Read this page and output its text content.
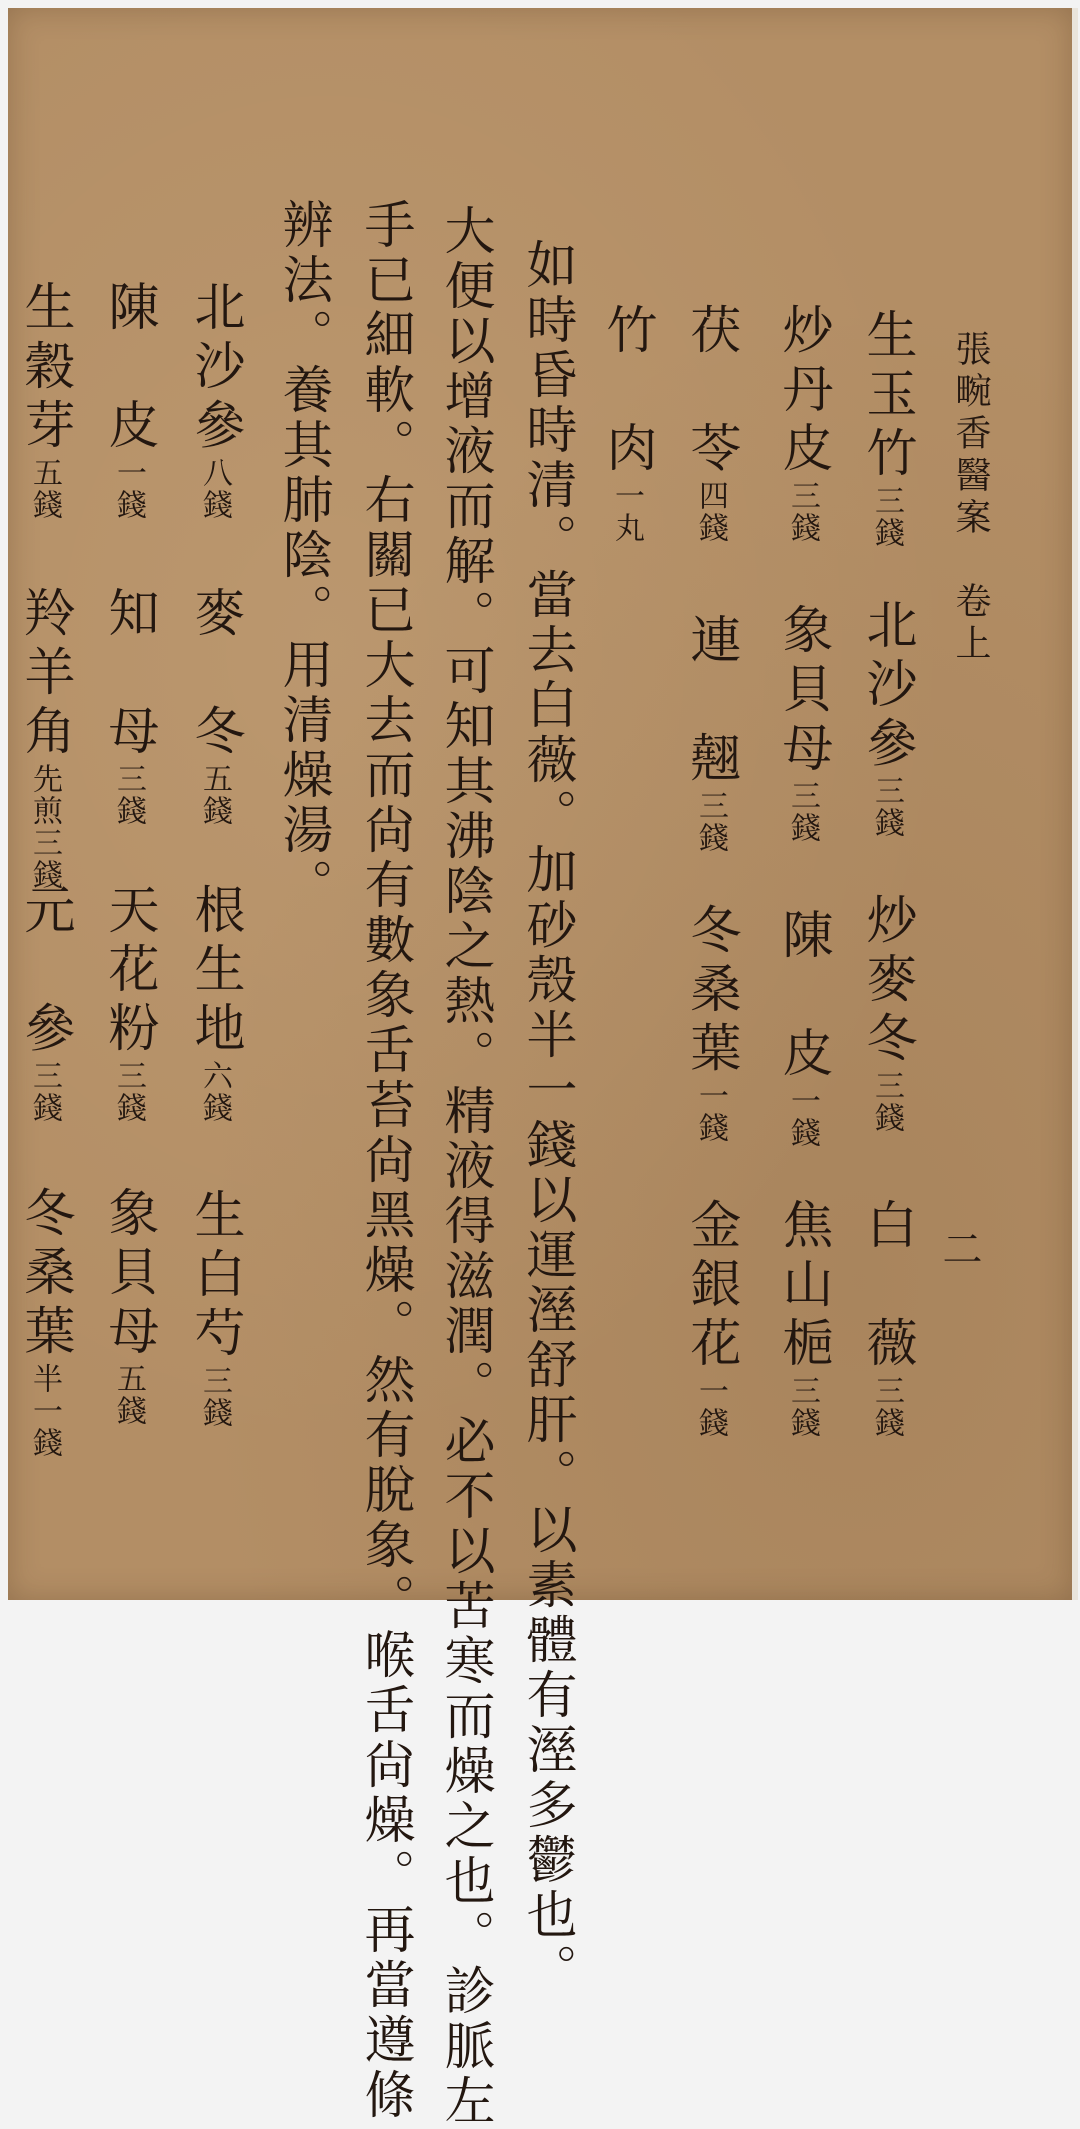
張畹香醫案　卷上
二
生玉竹三錢
北沙參三錢
炒麥冬三錢
白　薇三錢
炒丹皮三錢
象貝母三錢
陳　皮一錢
焦山梔三錢
茯　苓四錢
連　翹三錢
冬桑葉一錢
金銀花一錢
竹　肉一丸
如時昏時清。當去白薇。加砂殼半一錢以運溼舒肝。以素體有溼多鬱也。
大便以增液而解。可知其沸陰之熱。精液得滋潤。必不以苦寒而燥之也。診脈左
手已細軟。右關已大去而尙有數象舌苔尙黑燥。然有脫象。喉舌尙燥。再當遵條
辨法。養其肺陰。用清燥湯。
北沙參八錢
麥　冬五錢
根生地六錢
生白芍三錢
陳　皮一錢
知　母三錢
天花粉三錢
象貝母五錢
生穀芽五錢
羚羊角先煎三錢
元　參三錢
冬桑葉半一錢
